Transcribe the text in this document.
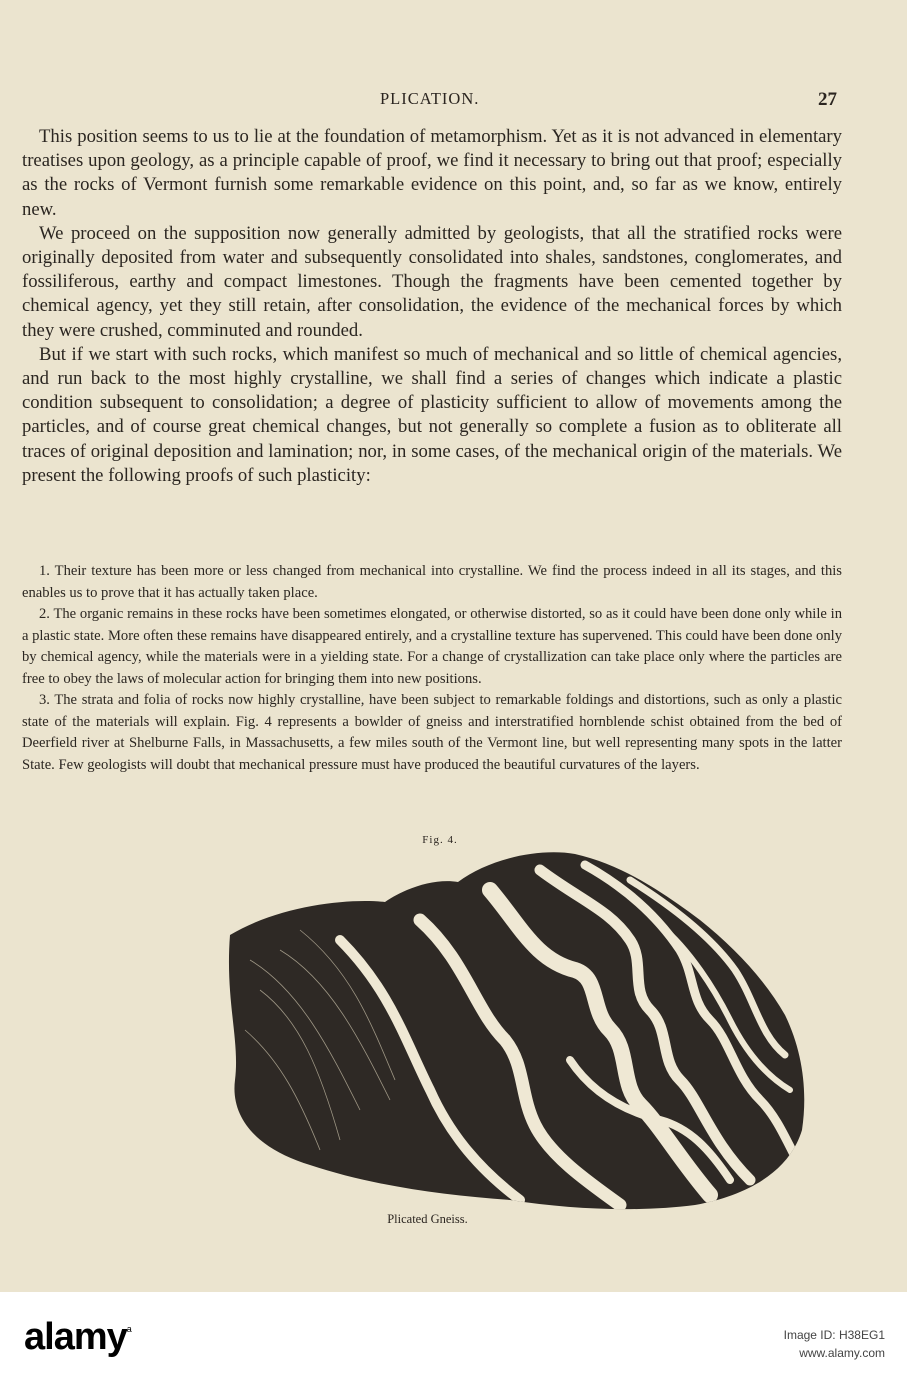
PLICATION.	27

This position seems to us to lie at the foundation of metamorphism. Yet as it is not advanced in elementary treatises upon geology, as a principle capable of proof, we find it necessary to bring out that proof; especially as the rocks of Vermont furnish some remarkable evidence on this point, and, so far as we know, entirely new.

We proceed on the supposition now generally admitted by geologists, that all the stratified rocks were originally deposited from water and subsequently consolidated into shales, sandstones, conglomerates, and fossiliferous, earthy and compact limestones. Though the fragments have been cemented together by chemical agency, yet they still retain, after consolidation, the evidence of the mechanical forces by which they were crushed, comminuted and rounded.

But if we start with such rocks, which manifest so much of mechanical and so little of chemical agencies, and run back to the most highly crystalline, we shall find a series of changes which indicate a plastic condition subsequent to consolidation; a degree of plasticity sufficient to allow of movements among the particles, and of course great chemical changes, but not generally so complete a fusion as to obliterate all traces of original deposition and lamination; nor, in some cases, of the mechanical origin of the materials. We present the following proofs of such plasticity:

1. Their texture has been more or less changed from mechanical into crystalline. We find the process indeed in all its stages, and this enables us to prove that it has actually taken place.

2. The organic remains in these rocks have been sometimes elongated, or otherwise distorted, so as it could have been done only while in a plastic state. More often these remains have disappeared entirely, and a crystalline texture has supervened. This could have been done only by chemical agency, while the materials were in a yielding state. For a change of crystallization can take place only where the particles are free to obey the laws of molecular action for bringing them into new positions.

3. The strata and folia of rocks now highly crystalline, have been subject to remarkable foldings and distortions, such as only a plastic state of the materials will explain. Fig. 4 represents a bowlder of gneiss and interstratified hornblende schist obtained from the bed of Deerfield river at Shelburne Falls, in Massachusetts, a few miles south of the Vermont line, but well representing many spots in the latter State. Few geologists will doubt that mechanical pressure must have produced the beautiful curvatures of the layers.

Fig. 4.
Plicated Gneiss.
alamy$^a$	Image ID: H38EG1
www.alamy.com
